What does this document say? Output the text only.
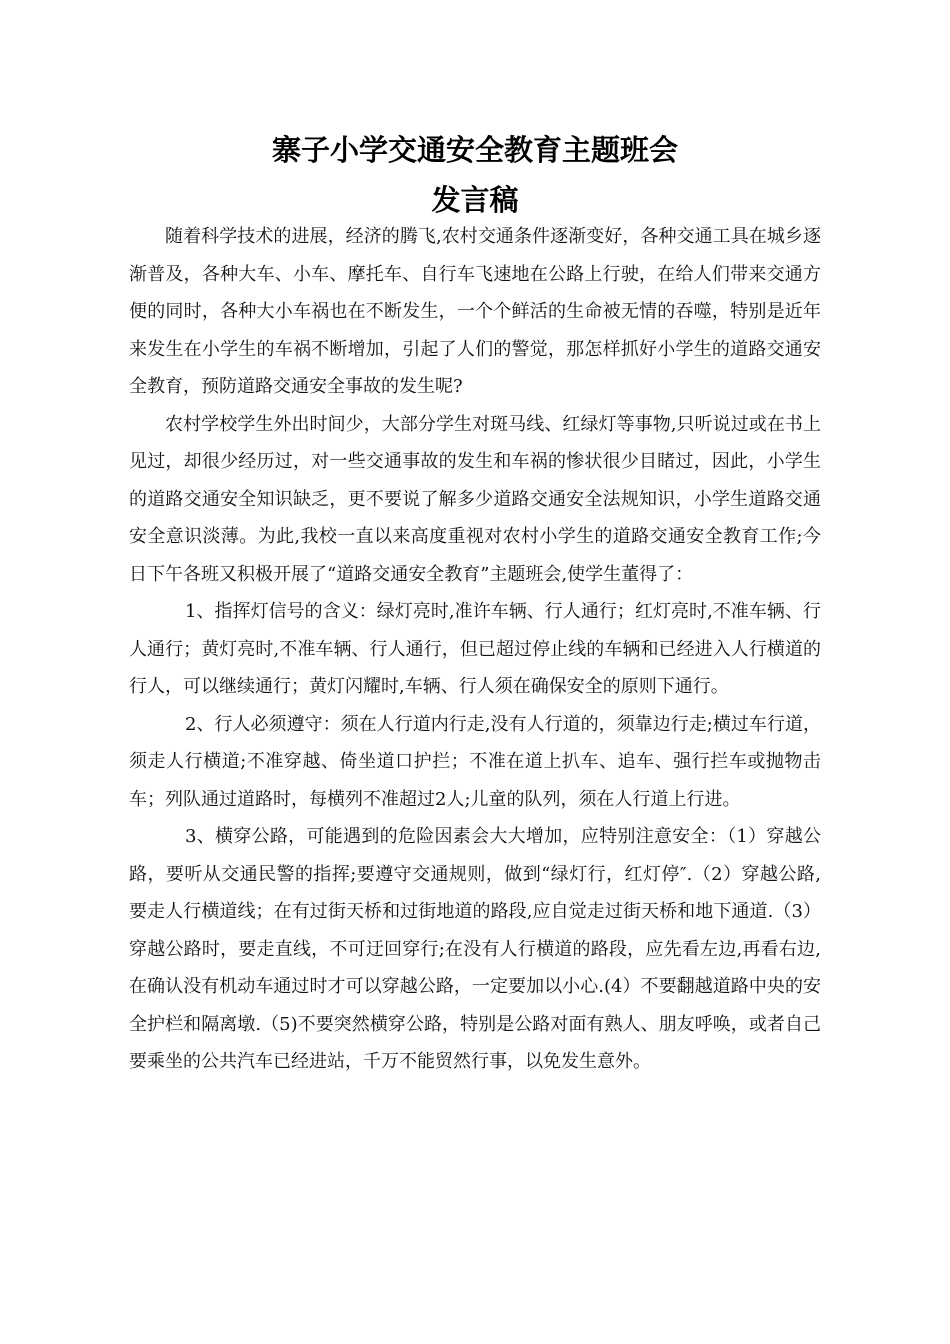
寨子小学交通安全教育主题班会
发言稿

随着科学技术的进展，经济的腾飞,农村交通条件逐渐变好，各种交通工具在城乡逐渐普及，各种大车、小车、摩托车、自行车飞速地在公路上行驶，在给人们带来交通方便的同时，各种大小车祸也在不断发生，一个个鲜活的生命被无情的吞噬，特别是近年来发生在小学生的车祸不断增加，引起了人们的警觉，那怎样抓好小学生的道路交通安全教育，预防道路交通安全事故的发生呢?

农村学校学生外出时间少，大部分学生对斑马线、红绿灯等事物,只听说过或在书上见过，却很少经历过，对一些交通事故的发生和车祸的惨状很少目睹过，因此，小学生的道路交通安全知识缺乏，更不要说了解多少道路交通安全法规知识，小学生道路交通安全意识淡薄。为此,我校一直以来高度重视对农村小学生的道路交通安全教育工作;今日下午各班又积极开展了“道路交通安全教育”主题班会,使学生董得了：

1、指挥灯信号的含义：绿灯亮时,准许车辆、行人通行；红灯亮时,不准车辆、行人通行；黄灯亮时,不准车辆、行人通行，但已超过停止线的车辆和已经进入人行横道的行人，可以继续通行；黄灯闪耀时,车辆、行人须在确保安全的原则下通行。

2、行人必须遵守：须在人行道内行走,没有人行道的，须靠边行走;横过车行道，须走人行横道;不准穿越、倚坐道口护拦；不准在道上扒车、追车、强行拦车或抛物击车；列队通过道路时，每横列不准超过2人;儿童的队列，须在人行道上行进。

3、横穿公路，可能遇到的危险因素会大大增加，应特别注意安全：（1）穿越公路，要听从交通民警的指挥;要遵守交通规则，做到“绿灯行，红灯停″.（2）穿越公路,要走人行横道线；在有过街天桥和过街地道的路段,应自觉走过街天桥和地下通道.（3）穿越公路时，要走直线，不可迂回穿行;在没有人行横道的路段，应先看左边,再看右边,在确认没有机动车通过时才可以穿越公路，一定要加以小心.(4）不要翻越道路中央的安全护栏和隔离墩.（5)不要突然横穿公路，特别是公路对面有熟人、朋友呼唤，或者自己要乘坐的公共汽车已经进站，千万不能贸然行事，以免发生意外。
